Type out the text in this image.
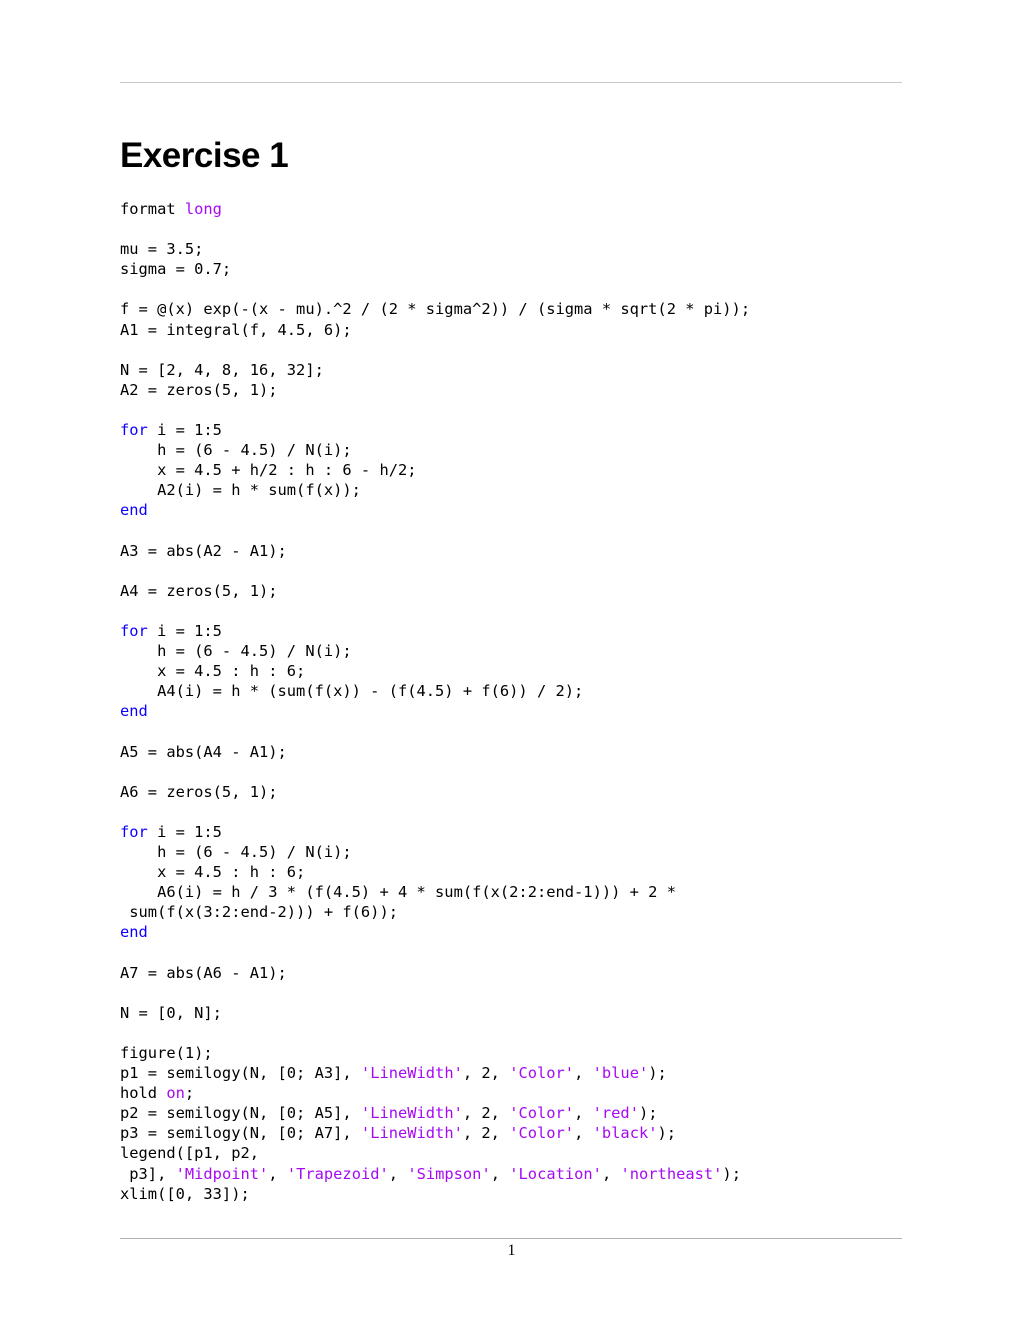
Exercise 1
format long
mu = 3.5;
sigma = 0.7;
f = @(x) exp(-(x - mu).^2 / (2 * sigma^2)) / (sigma * sqrt(2 * pi));
A1 = integral(f, 4.5, 6);
N = [2, 4, 8, 16, 32];
A2 = zeros(5, 1);
for i = 1:5
h = (6 - 4.5) / N(i);
x = 4.5 + h/2 : h : 6 - h/2;
A2(i) = h * sum(f(x));
end
A3 = abs(A2 - A1);
A4 = zeros(5, 1);
for i = 1:5
h = (6 - 4.5) / N(i);
x = 4.5 : h : 6;
A4(i) = h * (sum(f(x)) - (f(4.5) + f(6)) / 2);
end
A5 = abs(A4 - A1);
A6 = zeros(5, 1);
for i = 1:5
h = (6 - 4.5) / N(i);
x = 4.5 : h : 6;
A6(i) = h / 3 * (f(4.5) + 4 * sum(f(x(2:2:end-1))) + 2 *
sum(f(x(3:2:end-2))) + f(6));
end
A7 = abs(A6 - A1);
N = [0, N];
figure(1);
p1 = semilogy(N, [0; A3], 'LineWidth', 2, 'Color', 'blue');
hold on;
p2 = semilogy(N, [0; A5], 'LineWidth', 2, 'Color', 'red');
p3 = semilogy(N, [0; A7], 'LineWidth', 2, 'Color', 'black');
legend([p1, p2,
p3], 'Midpoint', 'Trapezoid', 'Simpson', 'Location', 'northeast');
xlim([0, 33]);
1
